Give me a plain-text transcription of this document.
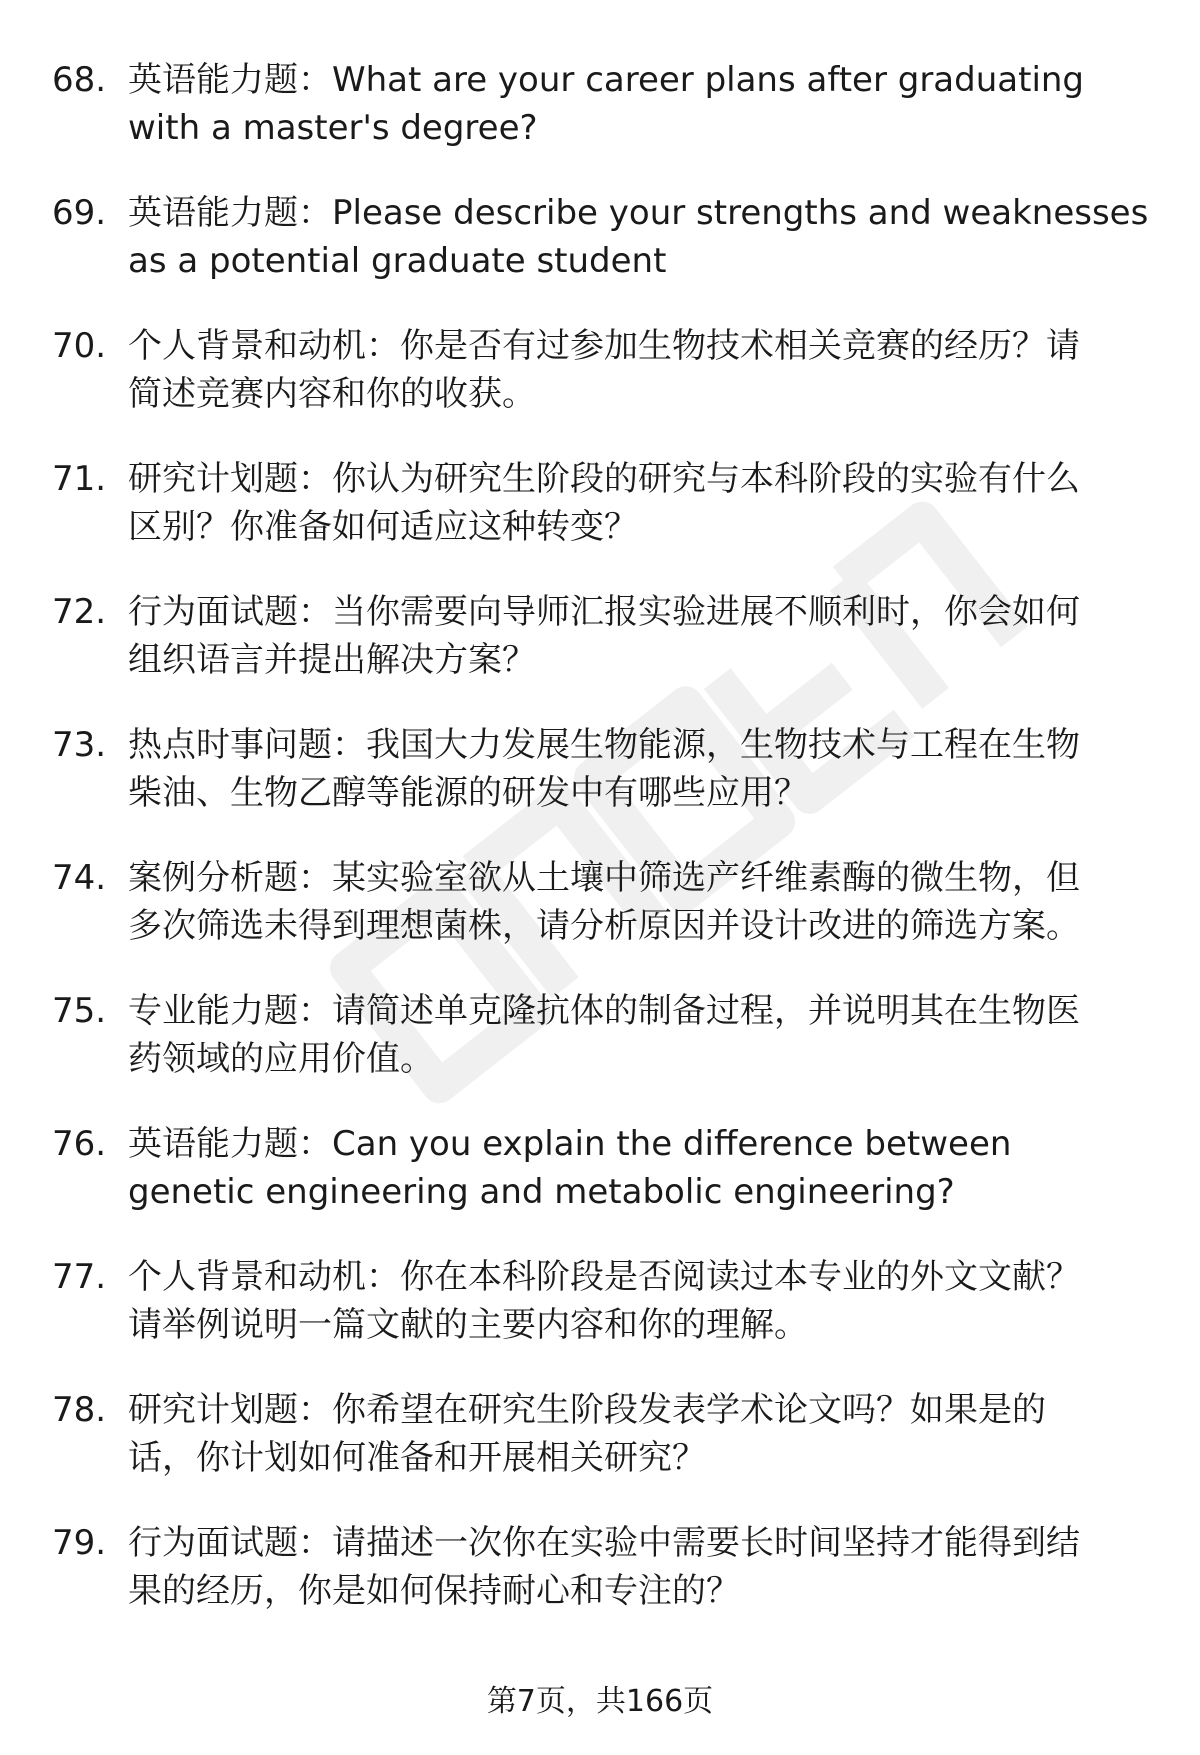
68. 英语能力题：What are your career plans after graduating
with a master's degree?
69. 英语能力题：Please describe your strengths and weaknesses
as a potential graduate student
70. 个人背景和动机：你是否有过参加生物技术相关竞赛的经历？请
简述竞赛内容和你的收获。
71. 研究计划题：你认为研究生阶段的研究与本科阶段的实验有什么
区别？你准备如何适应这种转变？
72. 行为面试题：当你需要向导师汇报实验进展不顺利时，你会如何
组织语言并提出解决方案？
73. 热点时事问题：我国大力发展生物能源，生物技术与工程在生物
柴油、生物乙醇等能源的研发中有哪些应用？
74. 案例分析题：某实验室欲从土壤中筛选产纤维素酶的微生物，但
多次筛选未得到理想菌株，请分析原因并设计改进的筛选方案。
75. 专业能力题：请简述单克隆抗体的制备过程，并说明其在生物医
药领域的应用价值。
76. 英语能力题：Can you explain the difference between
genetic engineering and metabolic engineering?
77. 个人背景和动机：你在本科阶段是否阅读过本专业的外文文献？
请举例说明一篇文献的主要内容和你的理解。
78. 研究计划题：你希望在研究生阶段发表学术论文吗？如果是的
话，你计划如何准备和开展相关研究？
79. 行为面试题：请描述一次你在实验中需要长时间坚持才能得到结
果的经历，你是如何保持耐心和专注的？
第7页，共166页
